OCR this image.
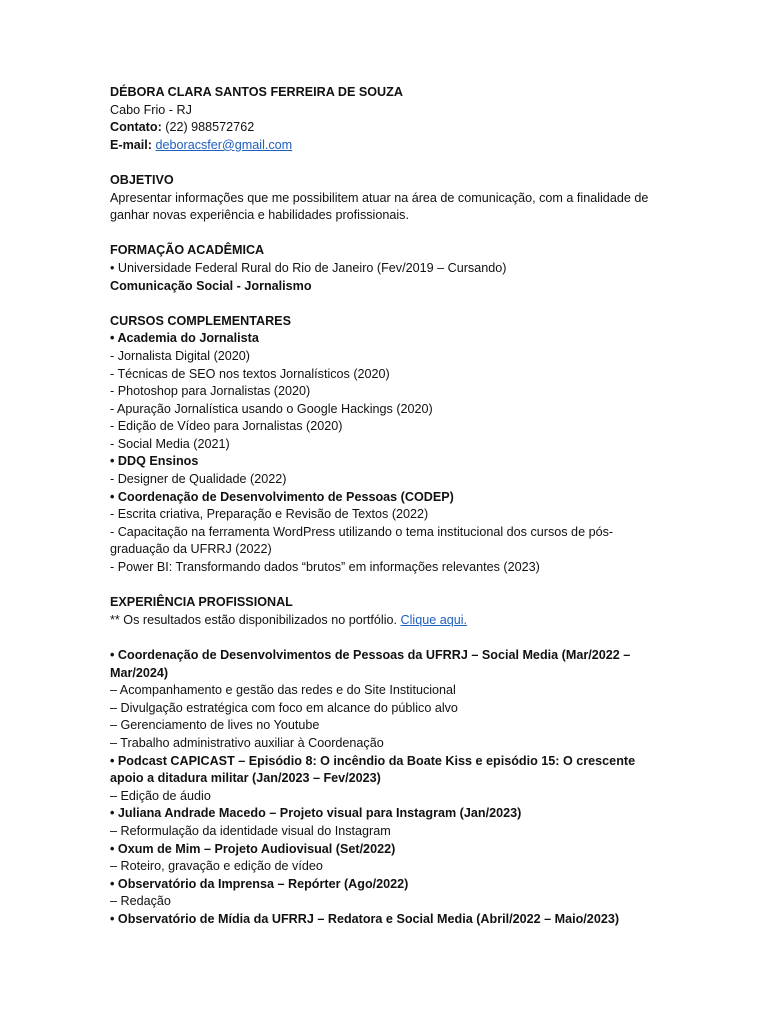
DÉBORA CLARA SANTOS FERREIRA DE SOUZA
Cabo Frio - RJ
Contato: (22) 988572762
E-mail: deboracsfer@gmail.com
OBJETIVO
Apresentar informações que me possibilitem atuar na área de comunicação, com a finalidade de ganhar novas experiência e habilidades profissionais.
FORMAÇÃO ACADÊMICA
• Universidade Federal Rural do Rio de Janeiro (Fev/2019 – Cursando)
Comunicação Social - Jornalismo
CURSOS COMPLEMENTARES
• Academia do Jornalista
- Jornalista Digital (2020)
- Técnicas de SEO nos textos Jornalísticos (2020)
- Photoshop para Jornalistas (2020)
- Apuração Jornalística usando o Google Hackings (2020)
- Edição de Vídeo para Jornalistas (2020)
- Social Media (2021)
• DDQ Ensinos
- Designer de Qualidade (2022)
• Coordenação de Desenvolvimento de Pessoas (CODEP)
- Escrita criativa, Preparação e Revisão de Textos (2022)
- Capacitação na ferramenta WordPress utilizando o tema institucional dos cursos de pós-graduação da UFRRJ (2022)
- Power BI: Transformando dados “brutos” em informações relevantes (2023)
EXPERIÊNCIA PROFISSIONAL
** Os resultados estão disponibilizados no portfólio. Clique aqui.
• Coordenação de Desenvolvimentos de Pessoas da UFRRJ – Social Media (Mar/2022 – Mar/2024)
– Acompanhamento e gestão das redes e do Site Institucional
– Divulgação estratégica com foco em alcance do público alvo
– Gerenciamento de lives no Youtube
– Trabalho administrativo auxiliar à Coordenação
• Podcast CAPICAST – Episódio 8: O incêndio da Boate Kiss e episódio 15: O crescente apoio a ditadura militar (Jan/2023 – Fev/2023)
– Edição de áudio
• Juliana Andrade Macedo – Projeto visual para Instagram (Jan/2023)
– Reformulação da identidade visual do Instagram
• Oxum de Mim – Projeto Audiovisual (Set/2022)
– Roteiro, gravação e edição de vídeo
• Observatório da Imprensa – Repórter (Ago/2022)
– Redação
• Observatório de Mídia da UFRRJ – Redatora e Social Media (Abril/2022 – Maio/2023)
